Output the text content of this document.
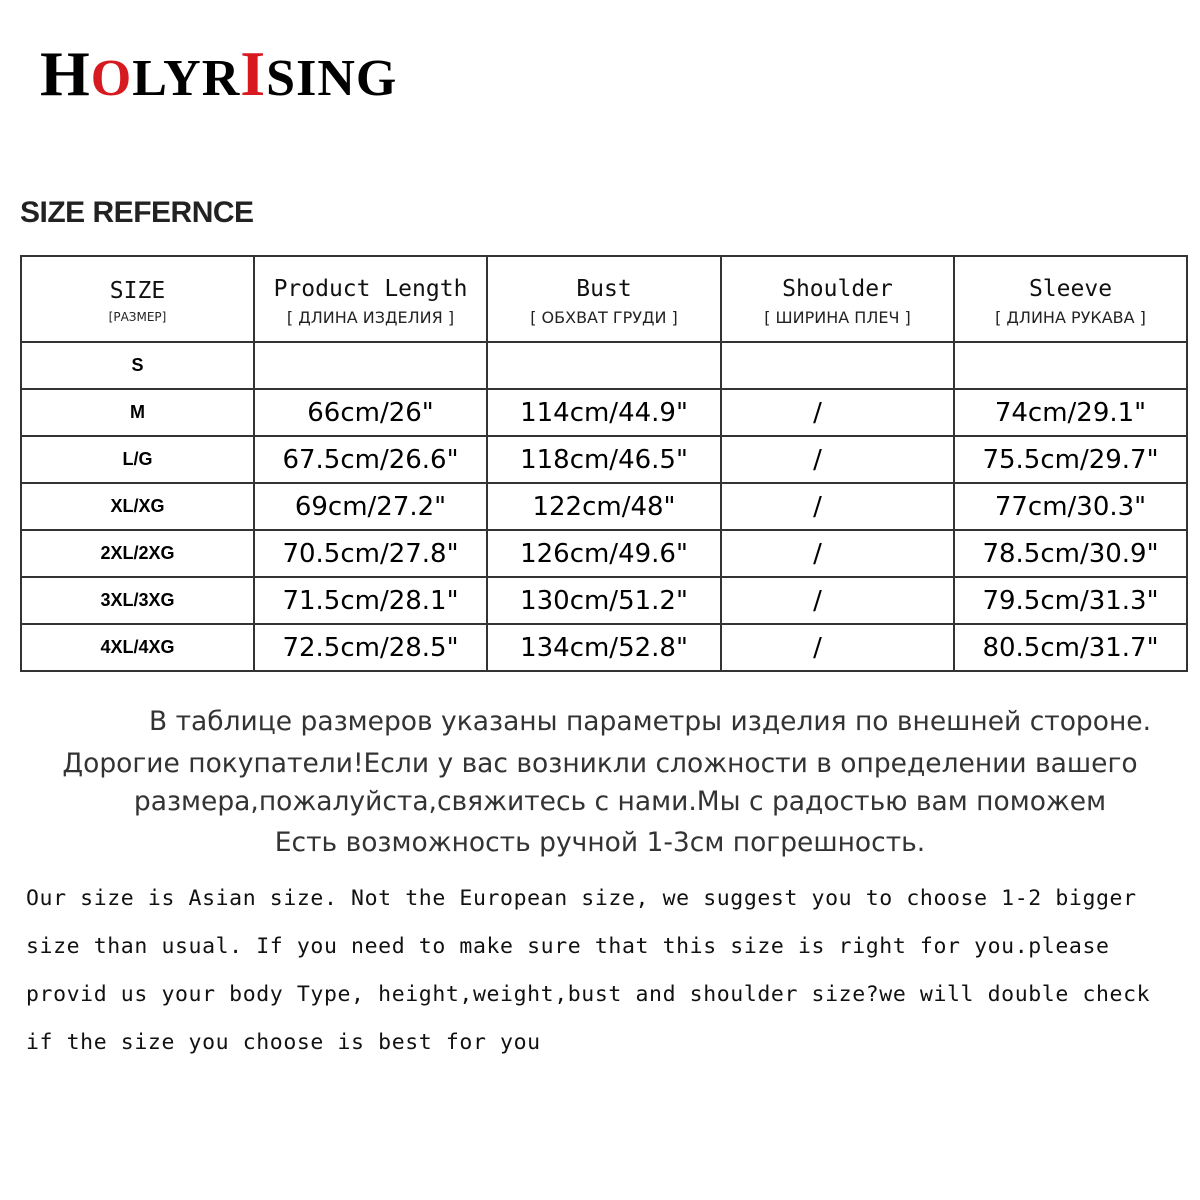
HOLYRISING
SIZE REFERNCE
SIZE
[РАЗМЕР]	Product Length
[ ДЛИНА ИЗДЕЛИЯ ]	Bust
[ ОБХВАТ ГРУДИ ]	Shoulder
[ ШИРИНА ПЛЕЧ ]	Sleeve
[ ДЛИНА РУКАВА ]

S				
M	66cm/26"	114cm/44.9"	/	74cm/29.1"
L/G	67.5cm/26.6"	118cm/46.5"	/	75.5cm/29.7"
XL/XG	69cm/27.2"	122cm/48"	/	77cm/30.3"
2XL/2XG	70.5cm/27.8"	126cm/49.6"	/	78.5cm/30.9"
3XL/3XG	71.5cm/28.1"	130cm/51.2"	/	79.5cm/31.3"
4XL/4XG	72.5cm/28.5"	134cm/52.8"	/	80.5cm/31.7"
В таблице размеров указаны параметры изделия по внешней стороне.
Дорогие покупатели!Если у вас возникли сложности в определении вашего
размера,пожалуйста,свяжитесь с нами.Мы с радостью вам поможем
Есть возможность ручной 1-3см погрешность.
Our size is Asian size. Not the European size, we suggest you to choose 1-2 bigger
size than usual. If you need to make sure that this size is right for you.please
provid us your body Type, height,weight,bust and shoulder size?we will double check
if the size you choose is best for you
